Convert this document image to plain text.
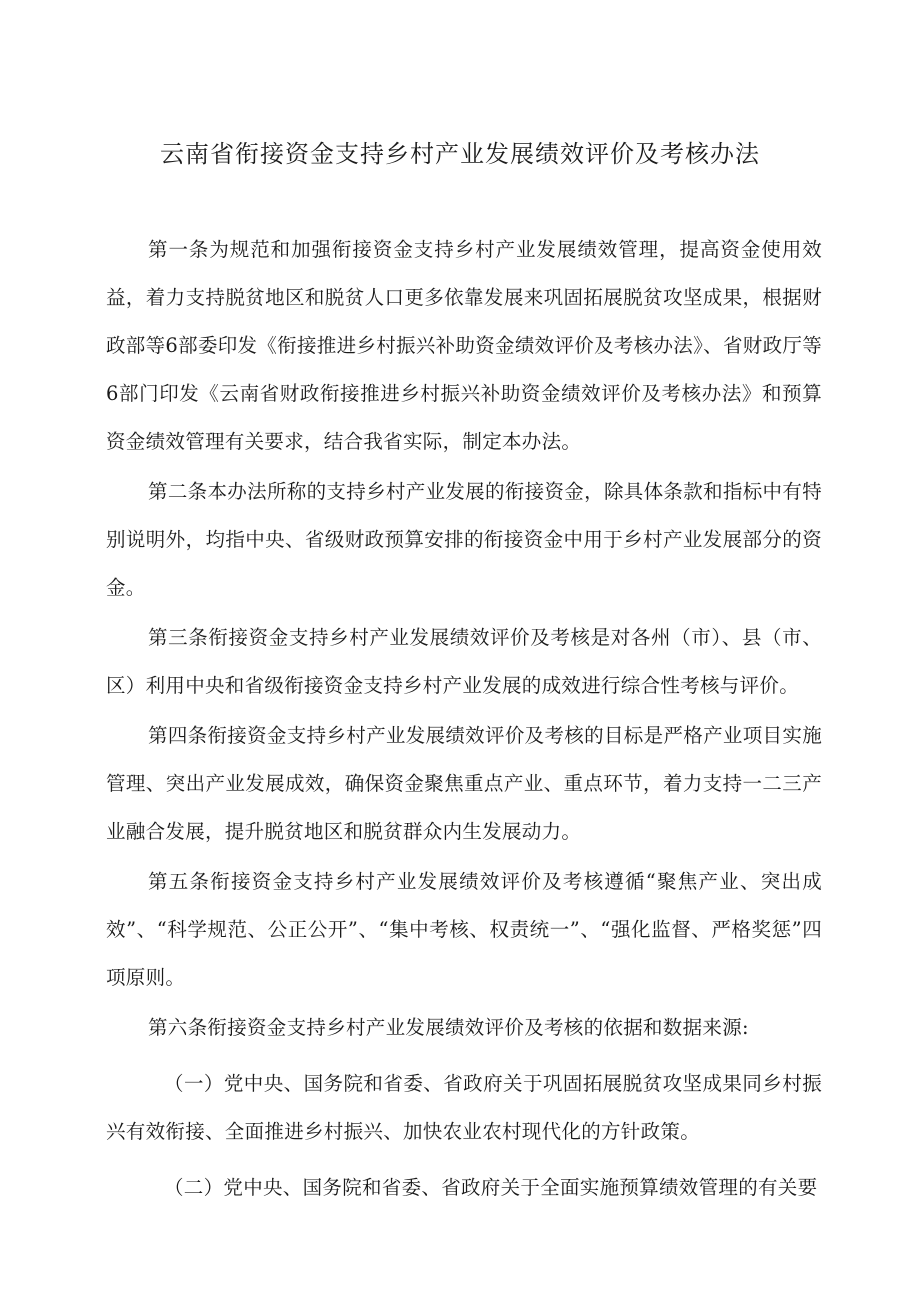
云南省衔接资金支持乡村产业发展绩效评价及考核办法

第一条为规范和加强衔接资金支持乡村产业发展绩效管理，提高资金使用效益，着力支持脱贫地区和脱贫人口更多依靠发展来巩固拓展脱贫攻坚成果，根据财政部等6部委印发《衔接推进乡村振兴补助资金绩效评价及考核办法》、省财政厅等6部门印发《云南省财政衔接推进乡村振兴补助资金绩效评价及考核办法》和预算资金绩效管理有关要求，结合我省实际，制定本办法。

第二条本办法所称的支持乡村产业发展的衔接资金，除具体条款和指标中有特别说明外，均指中央、省级财政预算安排的衔接资金中用于乡村产业发展部分的资金。

第三条衔接资金支持乡村产业发展绩效评价及考核是对各州（市）、县（市、区）利用中央和省级衔接资金支持乡村产业发展的成效进行综合性考核与评价。

第四条衔接资金支持乡村产业发展绩效评价及考核的目标是严格产业项目实施管理、突出产业发展成效，确保资金聚焦重点产业、重点环节，着力支持一二三产业融合发展，提升脱贫地区和脱贫群众内生发展动力。

第五条衔接资金支持乡村产业发展绩效评价及考核遵循“聚焦产业、突出成效”、“科学规范、公正公开”、“集中考核、权责统一”、“强化监督、严格奖惩”四项原则。

第六条衔接资金支持乡村产业发展绩效评价及考核的依据和数据来源:

（一）党中央、国务院和省委、省政府关于巩固拓展脱贫攻坚成果同乡村振兴有效衔接、全面推进乡村振兴、加快农业农村现代化的方针政策。

（二）党中央、国务院和省委、省政府关于全面实施预算绩效管理的有关要
